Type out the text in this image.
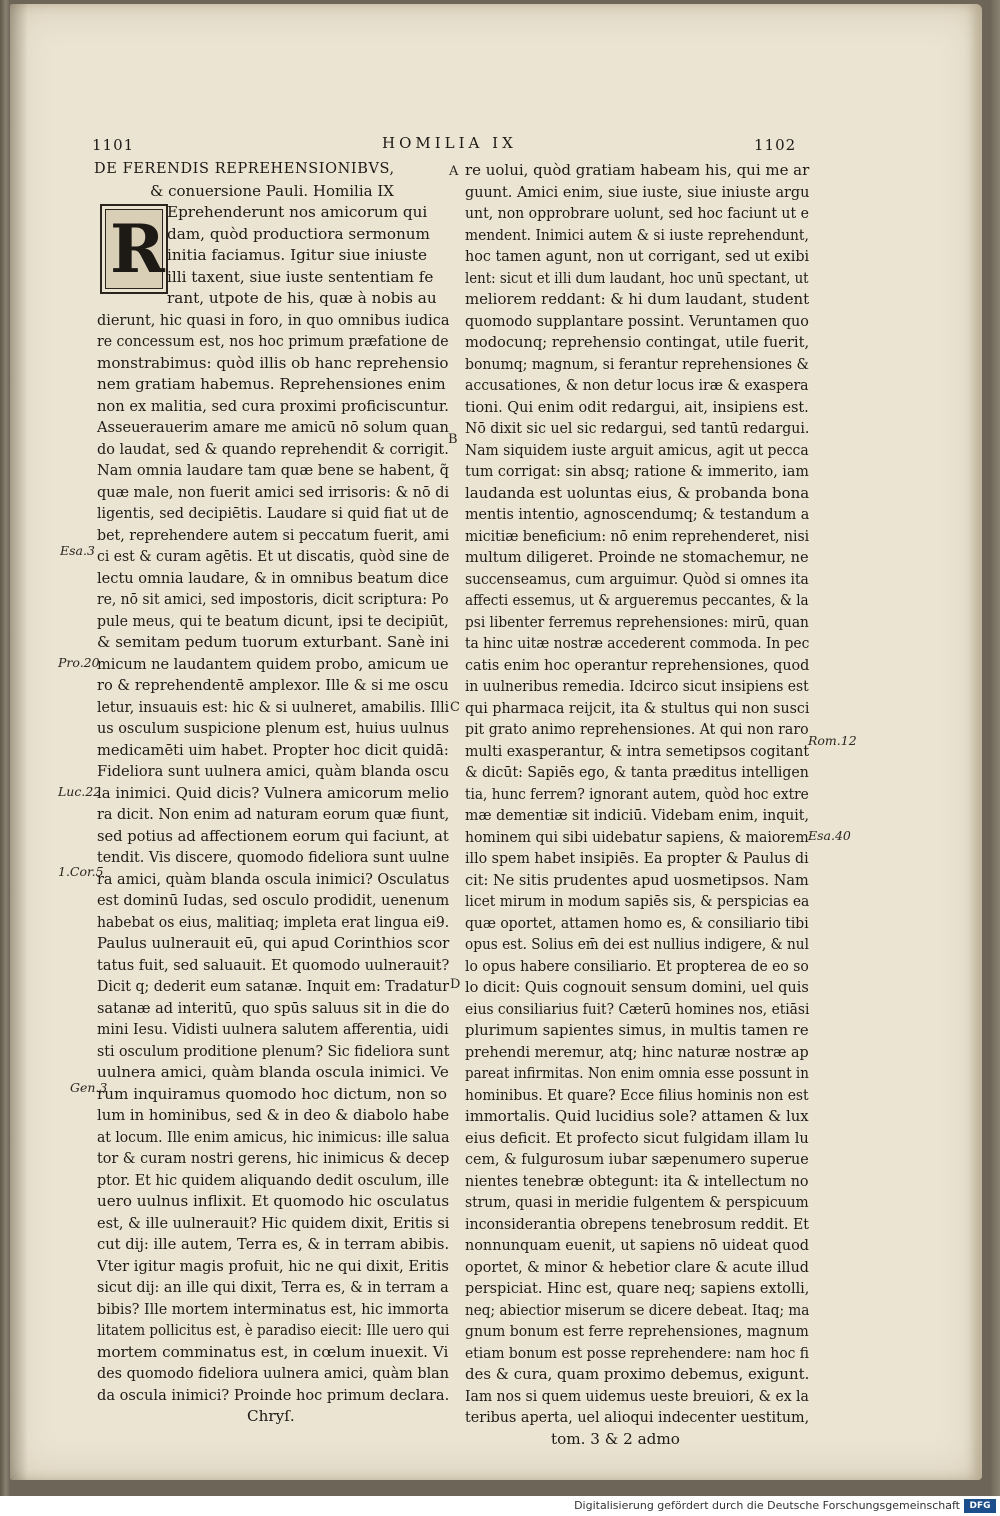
1101	HOMILIA IX	1102
DE FERENDIS REPREHENSIONIBVS,
& conuersione Pauli. Homilia IX
R Eprehenderunt nos amicorum qui
dam, quòd productiora sermonum
initia faciamus. Igitur siue iniuste
illi taxent, siue iuste sententiam fe
rant, utpote de his, quæ à nobis au
dierunt, hic quasi in foro, in quo omnibus iudica
re concessum est, nos hoc primum præfatione de
monstrabimus: quòd illis ob hanc reprehensio
nem gratiam habemus. Reprehensiones enim
non ex malitia, sed cura proximi proficiscuntur.
Asseuerauerim amare me amicū nō solum quan
do laudat, sed & quando reprehendit & corrigit.
Nam omnia laudare tam quæ bene se habent, q̃
quæ male, non fuerit amici sed irrisoris: & nō di
ligentis, sed decipiētis. Laudare si quid fiat ut de
bet, reprehendere autem si peccatum fuerit, ami
ci est & curam agētis. Et ut discatis, quòd sine de
lectu omnia laudare, & in omnibus beatum dice
re, nō sit amici, sed impostoris, dicit scriptura: Po
pule meus, qui te beatum dicunt, ipsi te decipiūt,
& semitam pedum tuorum exturbant. Sanè ini
micum ne laudantem quidem probo, amicum ue
ro & reprehendentē amplexor. Ille & si me oscu
letur, insuauis est: hic & si uulneret, amabilis. Illi
us osculum suspicione plenum est, huius uulnus
medicamēti uim habet. Propter hoc dicit quidā:
Fideliora sunt uulnera amici, quàm blanda oscu
la inimici. Quid dicis? Vulnera amicorum melio
ra dicit. Non enim ad naturam eorum quæ fiunt,
sed potius ad affectionem eorum qui faciunt, at
tendit. Vis discere, quomodo fideliora sunt uulne
ra amici, quàm blanda oscula inimici? Osculatus
est dominū Iudas, sed osculo prodidit, uenenum
habebat os eius, malitiaq; impleta erat lingua ei9.
Paulus uulnerauit eū, qui apud Corinthios scor
tatus fuit, sed saluauit. Et quomodo uulnerauit?
Dicit q; dederit eum satanæ. Inquit em: Tradatur
satanæ ad interitū, quo spūs saluus sit in die do
mini Iesu. Vidisti uulnera salutem afferentia, uidi
sti osculum proditione plenum? Sic fideliora sunt
uulnera amici, quàm blanda oscula inimici. Ve
rum inquiramus quomodo hoc dictum, non so
lum in hominibus, sed & in deo & diabolo habe
at locum. Ille enim amicus, hic inimicus: ille salua
tor & curam nostri gerens, hic inimicus & decep
ptor. Et hic quidem aliquando dedit osculum, ille
uero uulnus inflixit. Et quomodo hic osculatus
est, & ille uulnerauit? Hic quidem dixit, Eritis si
cut dij: ille autem, Terra es, & in terram abibis.
Vter igitur magis profuit, hic ne qui dixit, Eritis
sicut dij: an ille qui dixit, Terra es, & in terram a
bibis? Ille mortem interminatus est, hic immorta
litatem pollicitus est, è paradiso eiecit: Ille uero qui
mortem comminatus est, in cœlum inuexit. Vi
des quomodo fideliora uulnera amici, quàm blan
da oscula inimici? Proinde hoc primum declara.
Chryſ.
re uolui, quòd gratiam habeam his, qui me ar
guunt. Amici enim, siue iuste, siue iniuste argu
unt, non opprobrare uolunt, sed hoc faciunt ut e
mendent. Inimici autem & si iuste reprehendunt,
hoc tamen agunt, non ut corrigant, sed ut exibi
lent: sicut et illi dum laudant, hoc unū spectant, ut
meliorem reddant: & hi dum laudant, student
quomodo supplantare possint. Veruntamen quo
modocunq; reprehensio contingat, utile fuerit,
bonumq; magnum, si ferantur reprehensiones &
accusationes, & non detur locus iræ & exaspera
tioni. Qui enim odit redargui, ait, insipiens est.
Nō dixit sic uel sic redargui, sed tantū redargui.
Nam siquidem iuste arguit amicus, agit ut pecca
tum corrigat: sin absq; ratione & immerito, iam
laudanda est uoluntas eius, & probanda bona
mentis intentio, agnoscendumq; & testandum a
micitiæ beneficium: nō enim reprehenderet, nisi
multum diligeret. Proinde ne stomachemur, ne
succenseamus, cum arguimur. Quòd si omnes ita
affecti essemus, ut & argueremus peccantes, & la
psi libenter ferremus reprehensiones: mirū, quan
ta hinc uitæ nostræ accederent commoda. In pec
catis enim hoc operantur reprehensiones, quod
in uulneribus remedia. Idcirco sicut insipiens est
qui pharmaca reijcit, ita & stultus qui non susci
pit grato animo reprehensiones. At qui non raro
multi exasperantur, & intra semetipsos cogitant
& dicūt: Sapiēs ego, & tanta præditus intelligen
tia, hunc ferrem? ignorant autem, quòd hoc extre
mæ dementiæ sit indiciū. Videbam enim, inquit,
hominem qui sibi uidebatur sapiens, & maiorem
illo spem habet insipiēs. Ea propter & Paulus di
cit: Ne sitis prudentes apud uosmetipsos. Nam
licet mirum in modum sapiēs sis, & perspicias ea
quæ oportet, attamen homo es, & consiliario tibi
opus est. Solius em̄ dei est nullius indigere, & nul
lo opus habere consiliario. Et propterea de eo so
lo dicit: Quis cognouit sensum domini, uel quis
eius consiliarius fuit? Cæterū homines nos, etiāsi
plurimum sapientes simus, in multis tamen re
prehendi meremur, atq; hinc naturæ nostræ ap
pareat infirmitas. Non enim omnia esse possunt in
hominibus. Et quare? Ecce filius hominis non est
immortalis. Quid lucidius sole? attamen & lux
eius deficit. Et profecto sicut fulgidam illam lu
cem, & fulgurosum iubar sæpenumero superue
nientes tenebræ obtegunt: ita & intellectum no
strum, quasi in meridie fulgentem & perspicuum
inconsiderantia obrepens tenebrosum reddit. Et
nonnunquam euenit, ut sapiens nō uideat quod
oportet, & minor & hebetior clare & acute illud
perspiciat. Hinc est, quare neq; sapiens extolli,
neq; abiectior miserum se dicere debeat. Itaq; ma
gnum bonum est ferre reprehensiones, magnum
etiam bonum est posse reprehendere: nam hoc fi
des & cura, quam proximo debemus, exigunt.
Iam nos si quem uidemus ueste breuiori, & ex la
teribus aperta, uel alioqui indecenter uestitum,
tom. 3 & 2 admo
A
B
C
D
Esa.3
Pro.20
Luc.22
1.Cor.5
Gen.3
Rom.12
Esa.40
Digitalisierung gefördert durch die Deutsche Forschungsgemeinschaft	DFG
